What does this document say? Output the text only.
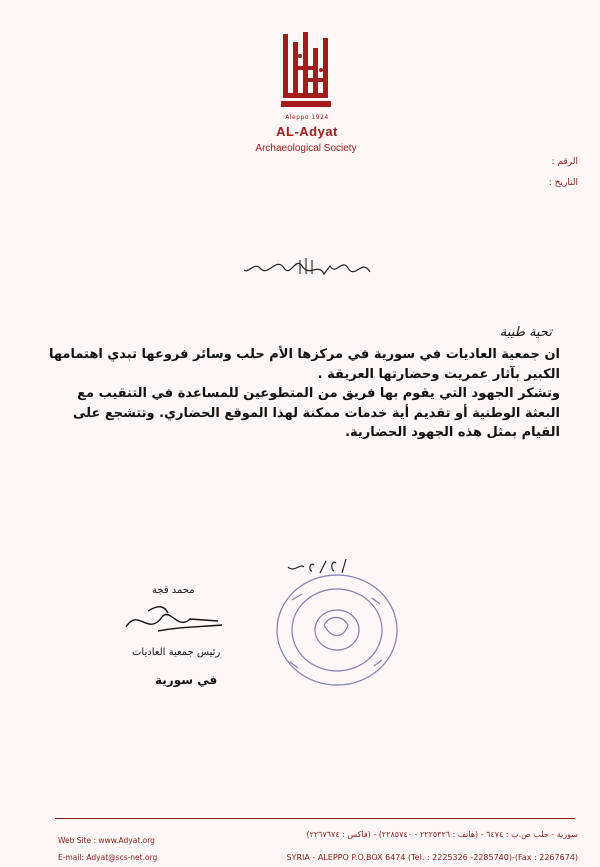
Aleppo 1924
AL-Adyat
Archaeological Society
الرقم :
التاريخ :
تحية طيبة

ان جمعية العاديات في سورية في مركزها الأم حلب وسائر فروعها تبدي اهتمامها الكبير بآثار عمريت وحضارتها العريقة .

وتشكر الجهود التي يقوم بها فريق من المتطوعين للمساعدة في التنقيب مع البعثة الوطنية أو تقديم أية خدمات ممكنة لهذا الموقع الحضاري. وتتشجع على القيام بمثل هذه الجهود الحضارية.

محمد قجة
رئيس جمعية العاديات
في سورية
Web Site : www.Adyat.org
E-mail: Adyat@scs-net.org
سورية - حلب ص.ب : ٦٤٧٤ - (هاتف : ٢٢٢٥٣٢٦ - ٢٢٨٥٧٤٠) - (فاكس : ٢٢٦٧٦٧٤)
SYRIA - ALEPPO P.O.BOX 6474 (Tel. : 2225326 -2285740)-(Fax : 2267674)
